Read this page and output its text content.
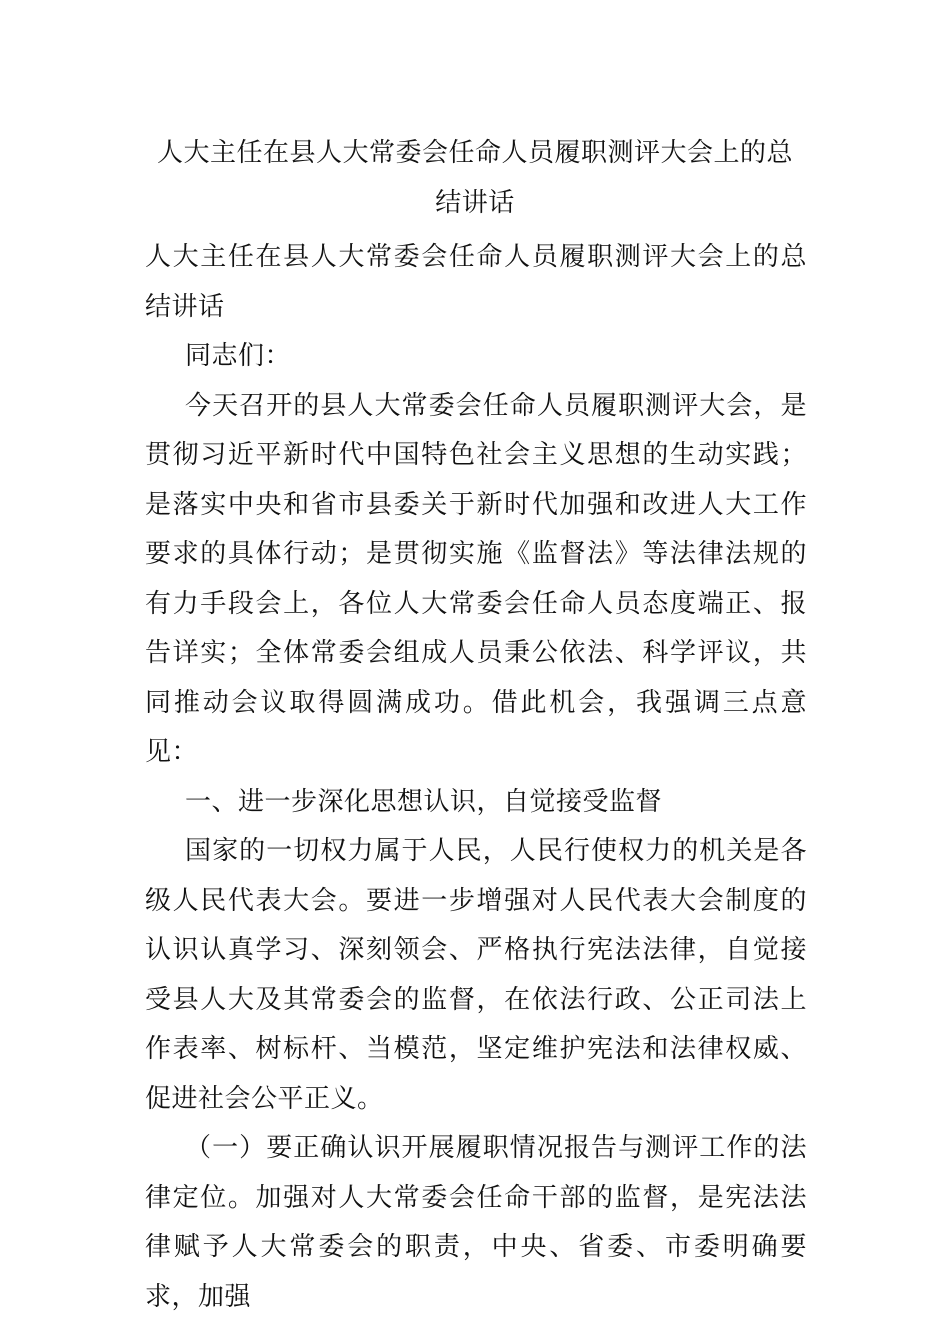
人大主任在县人大常委会任命人员履职测评大会上的总结讲话

人大主任在县人大常委会任命人员履职测评大会上的总结讲话

同志们：

今天召开的县人大常委会任命人员履职测评大会，是贯彻习近平新时代中国特色社会主义思想的生动实践；是落实中央和省市县委关于新时代加强和改进人大工作要求的具体行动；是贯彻实施《监督法》等法律法规的有力手段会上，各位人大常委会任命人员态度端正、报告详实；全体常委会组成人员秉公依法、科学评议，共同推动会议取得圆满成功。借此机会，我强调三点意见：

一、进一步深化思想认识，自觉接受监督

国家的一切权力属于人民，人民行使权力的机关是各级人民代表大会。要进一步增强对人民代表大会制度的认识认真学习、深刻领会、严格执行宪法法律，自觉接受县人大及其常委会的监督，在依法行政、公正司法上作表率、树标杆、当模范，坚定维护宪法和法律权威、促进社会公平正义。

（一）要正确认识开展履职情况报告与测评工作的法律定位。加强对人大常委会任命干部的监督，是宪法法律赋予人大常委会的职责，中央、省委、市委明确要求，加强
